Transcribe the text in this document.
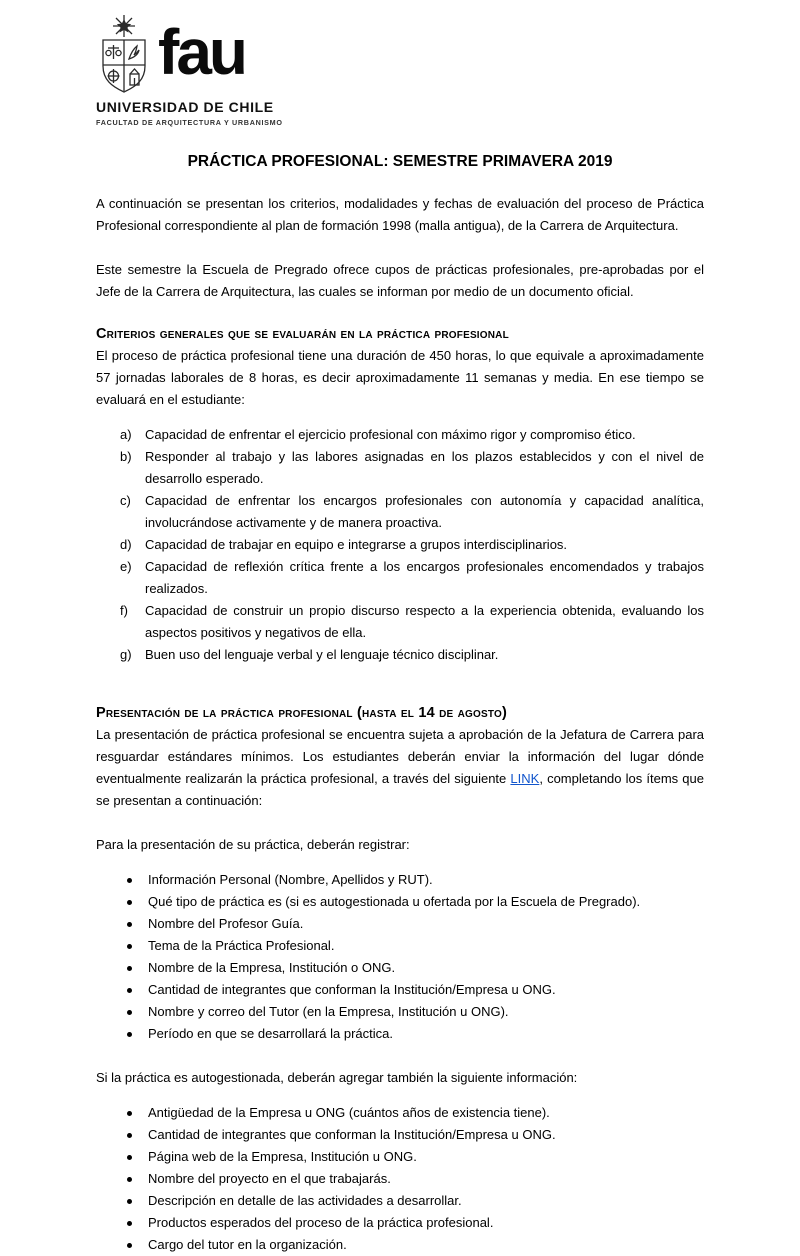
fau
UNIVERSIDAD DE CHILE
FACULTAD DE ARQUITECTURA Y URBANISMO
PRÁCTICA PROFESIONAL: SEMESTRE PRIMAVERA 2019

A continuación se presentan los criterios, modalidades y fechas de evaluación del proceso de Práctica Profesional correspondiente al plan de formación 1998 (malla antigua), de la Carrera de Arquitectura.

Este semestre la Escuela de Pregrado ofrece cupos de prácticas profesionales, pre-aprobadas por el Jefe de la Carrera de Arquitectura, las cuales se informan por medio de un documento oficial.

Criterios generales que se evaluarán en la práctica profesional

El proceso de práctica profesional tiene una duración de 450 horas, lo que equivale a aproximadamente 57 jornadas laborales de 8 horas, es decir aproximadamente 11 semanas y media. En ese tiempo se evaluará en el estudiante:

a)	Capacidad de enfrentar el ejercicio profesional con máximo rigor y compromiso ético.
b)	Responder al trabajo y las labores asignadas en los plazos establecidos y con el nivel de desarrollo esperado.
c)	Capacidad de enfrentar los encargos profesionales con autonomía y capacidad analítica, involucrándose activamente y de manera proactiva.
d)	Capacidad de trabajar en equipo e integrarse a grupos interdisciplinarios.
e)	Capacidad de reflexión crítica frente a los encargos profesionales encomendados y trabajos realizados.
f)	Capacidad de construir un propio discurso respecto a la experiencia obtenida, evaluando los aspectos positivos y negativos de ella.
g)	Buen uso del lenguaje verbal y el lenguaje técnico disciplinar.
Presentación de la práctica profesional (hasta el 14 de agosto)

La presentación de práctica profesional se encuentra sujeta a aprobación de la Jefatura de Carrera para resguardar estándares mínimos. Los estudiantes deberán enviar la información del lugar dónde eventualmente realizarán la práctica profesional, a través del siguiente LINK, completando los ítems que se presentan a continuación:

Para la presentación de su práctica, deberán registrar:

Información Personal (Nombre, Apellidos y RUT).
Qué tipo de práctica es (si es autogestionada u ofertada por la Escuela de Pregrado).
Nombre del Profesor Guía.
Tema de la Práctica Profesional.
Nombre de la Empresa, Institución o ONG.
Cantidad de integrantes que conforman la Institución/Empresa u ONG.
Nombre y correo del Tutor (en la Empresa, Institución u ONG).
Período en que se desarrollará la práctica.

Si la práctica es autogestionada, deberán agregar también la siguiente información:

Antigüedad de la Empresa u ONG (cuántos años de existencia tiene).
Cantidad de integrantes que conforman la Institución/Empresa u ONG.
Página web de la Empresa, Institución u ONG.
Nombre del proyecto en el que trabajarás.
Descripción en detalle de las actividades a desarrollar.
Productos esperados del proceso de la práctica profesional.
Cargo del tutor en la organización.
